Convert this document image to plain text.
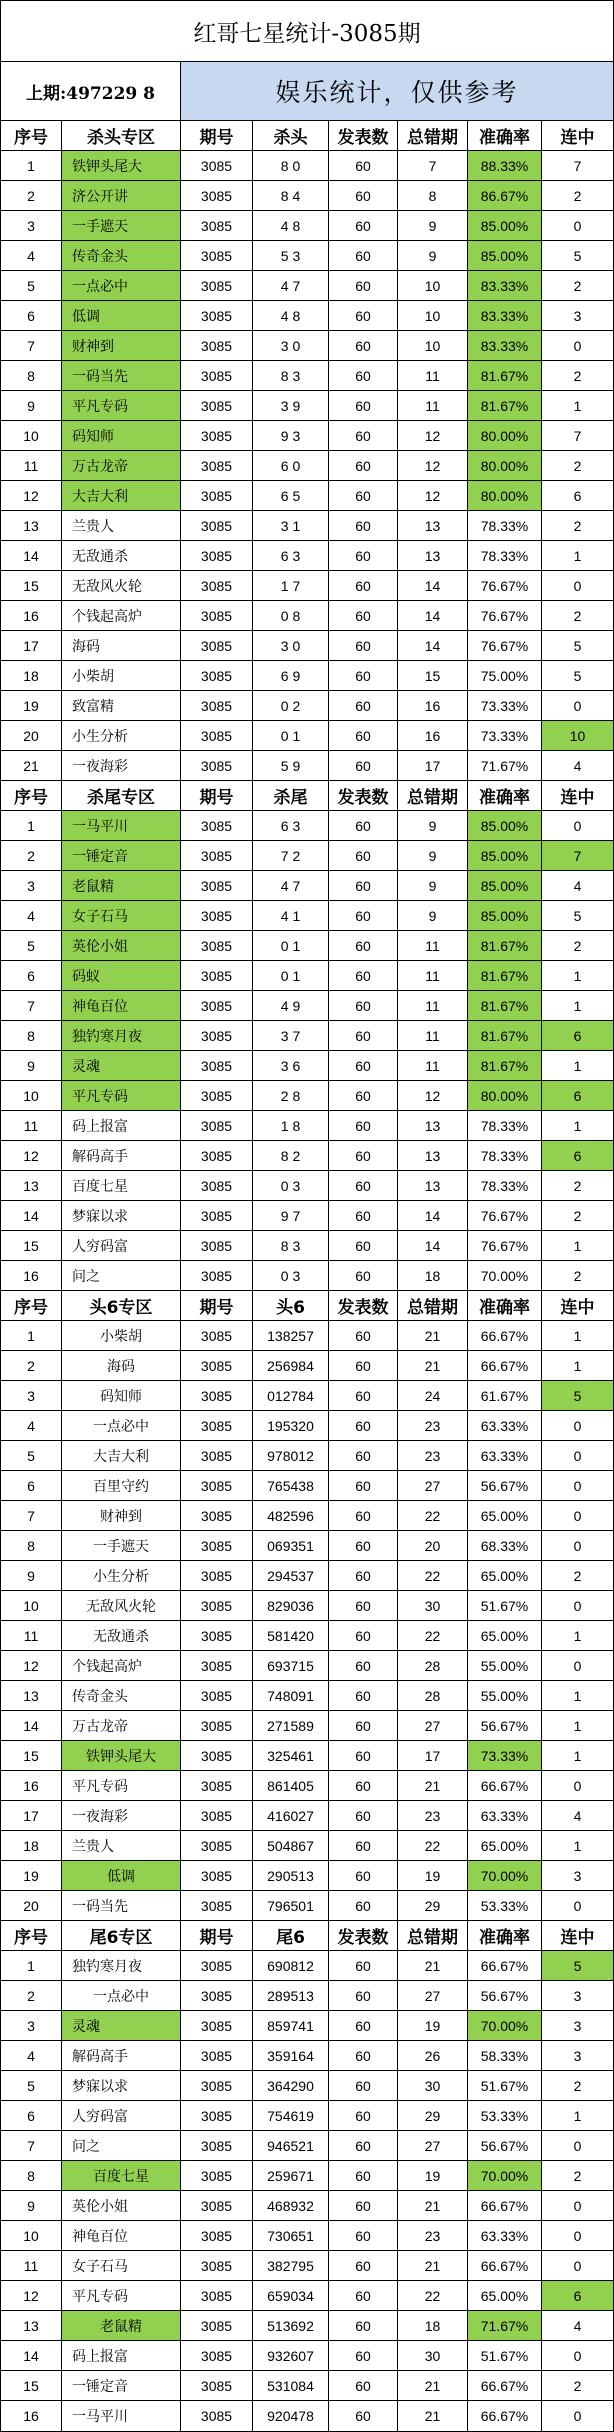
红哥七星统计-3085期
上期:497229 8	娱乐统计，仅供参考
序号	杀头专区	期号	杀头	发表数	总错期	准确率	连中
1	铁钾头尾大	3085	8 0	60	7	88.33%	7
2	济公开讲	3085	8 4	60	8	86.67%	2
3	一手遮天	3085	4 8	60	9	85.00%	0
4	传奇金头	3085	5 3	60	9	85.00%	5
5	一点必中	3085	4 7	60	10	83.33%	2
6	低调	3085	4 8	60	10	83.33%	3
7	财神到	3085	3 0	60	10	83.33%	0
8	一码当先	3085	8 3	60	11	81.67%	2
9	平凡专码	3085	3 9	60	11	81.67%	1
10	码知师	3085	9 3	60	12	80.00%	7
11	万古龙帝	3085	6 0	60	12	80.00%	2
12	大吉大利	3085	6 5	60	12	80.00%	6
13	兰贵人	3085	3 1	60	13	78.33%	2
14	无敌通杀	3085	6 3	60	13	78.33%	1
15	无敌风火轮	3085	1 7	60	14	76.67%	0
16	个钱起高炉	3085	0 8	60	14	76.67%	2
17	海码	3085	3 0	60	14	76.67%	5
18	小柴胡	3085	6 9	60	15	75.00%	5
19	致富精	3085	0 2	60	16	73.33%	0
20	小生分析	3085	0 1	60	16	73.33%	10
21	一夜海彩	3085	5 9	60	17	71.67%	4
序号	杀尾专区	期号	杀尾	发表数	总错期	准确率	连中
1	一马平川	3085	6 3	60	9	85.00%	0
2	一锤定音	3085	7 2	60	9	85.00%	7
3	老鼠精	3085	4 7	60	9	85.00%	4
4	女子石马	3085	4 1	60	9	85.00%	5
5	英伦小姐	3085	0 1	60	11	81.67%	2
6	码蚁	3085	0 1	60	11	81.67%	1
7	神龟百位	3085	4 9	60	11	81.67%	1
8	独钓寒月夜	3085	3 7	60	11	81.67%	6
9	灵魂	3085	3 6	60	11	81.67%	1
10	平凡专码	3085	2 8	60	12	80.00%	6
11	码上报富	3085	1 8	60	13	78.33%	1
12	解码高手	3085	8 2	60	13	78.33%	6
13	百度七星	3085	0 3	60	13	78.33%	2
14	梦寐以求	3085	9 7	60	14	76.67%	2
15	人穷码富	3085	8 3	60	14	76.67%	1
16	问之	3085	0 3	60	18	70.00%	2
序号	头6专区	期号	头6	发表数	总错期	准确率	连中
1	小柴胡	3085	138257	60	21	66.67%	1
2	海码	3085	256984	60	21	66.67%	1
3	码知师	3085	012784	60	24	61.67%	5
4	一点必中	3085	195320	60	23	63.33%	0
5	大吉大利	3085	978012	60	23	63.33%	0
6	百里守约	3085	765438	60	27	56.67%	0
7	财神到	3085	482596	60	22	65.00%	0
8	一手遮天	3085	069351	60	20	68.33%	0
9	小生分析	3085	294537	60	22	65.00%	2
10	无敌风火轮	3085	829036	60	30	51.67%	0
11	无敌通杀	3085	581420	60	22	65.00%	1
12	个钱起高炉	3085	693715	60	28	55.00%	0
13	传奇金头	3085	748091	60	28	55.00%	1
14	万古龙帝	3085	271589	60	27	56.67%	1
15	铁钾头尾大	3085	325461	60	17	73.33%	1
16	平凡专码	3085	861405	60	21	66.67%	0
17	一夜海彩	3085	416027	60	23	63.33%	4
18	兰贵人	3085	504867	60	22	65.00%	1
19	低调	3085	290513	60	19	70.00%	3
20	一码当先	3085	796501	60	29	53.33%	0
序号	尾6专区	期号	尾6	发表数	总错期	准确率	连中
1	独钓寒月夜	3085	690812	60	21	66.67%	5
2	一点必中	3085	289513	60	27	56.67%	3
3	灵魂	3085	859741	60	19	70.00%	3
4	解码高手	3085	359164	60	26	58.33%	3
5	梦寐以求	3085	364290	60	30	51.67%	2
6	人穷码富	3085	754619	60	29	53.33%	1
7	问之	3085	946521	60	27	56.67%	0
8	百度七星	3085	259671	60	19	70.00%	2
9	英伦小姐	3085	468932	60	21	66.67%	0
10	神龟百位	3085	730651	60	23	63.33%	0
11	女子石马	3085	382795	60	21	66.67%	0
12	平凡专码	3085	659034	60	22	65.00%	6
13	老鼠精	3085	513692	60	18	71.67%	4
14	码上报富	3085	932607	60	30	51.67%	0
15	一锤定音	3085	531084	60	21	66.67%	2
16	一马平川	3085	920478	60	21	66.67%	0
